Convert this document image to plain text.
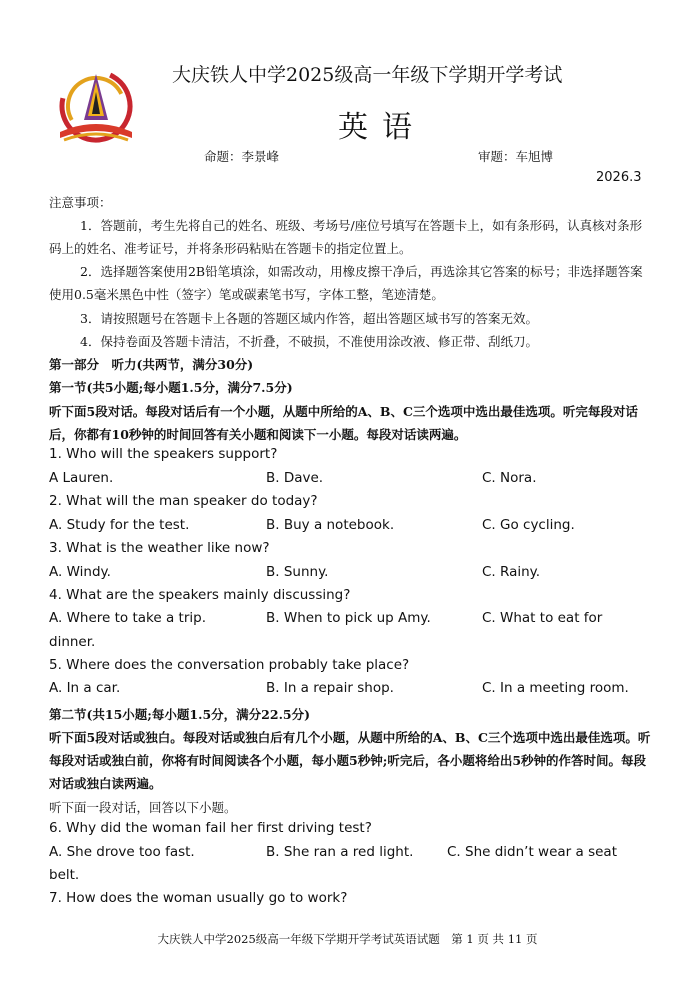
大庆铁人中学2025级高一年级下学期开学考试
英语
命题：李景峰	审题：车旭博
2026.3
注意事项：
1．答题前，考生先将自己的姓名、班级、考场号/座位号填写在答题卡上，如有条形码，认真核对条形码上的姓名、准考证号，并将条形码粘贴在答题卡的指定位置上。
2．选择题答案使用2B铅笔填涂，如需改动，用橡皮擦干净后，再选涂其它答案的标号；非选择题答案使用0.5毫米黑色中性（签字）笔或碳素笔书写，字体工整，笔迹清楚。
3．请按照题号在答题卡上各题的答题区域内作答，超出答题区域书写的答案无效。
4．保持卷面及答题卡清洁，不折叠，不破损，不准使用涂改液、修正带、刮纸刀。
第一部分　听力(共两节，满分30分)
第一节(共5小题;每小题1.5分，满分7.5分)
听下面5段对话。每段对话后有一个小题，从题中所给的A、B、C三个选项中选出最佳选项。听完每段对话后，你都有10秒钟的时间回答有关小题和阅读下一小题。每段对话读两遍。
1. Who will the speakers support?
A Lauren.	B. Dave.	C. Nora.
2. What will the man speaker do today?
A. Study for the test.	B. Buy a notebook.	C. Go cycling.
3. What is the weather like now?
A. Windy.	B. Sunny.	C. Rainy.
4. What are the speakers mainly discussing?
A. Where to take a trip.	B. When to pick up Amy.	C. What to eat for
dinner.
5. Where does the conversation probably take place?
A. In a car.	B. In a repair shop.	C. In a meeting room.
第二节(共15小题;每小题1.5分，满分22.5分)
听下面5段对话或独白。每段对话或独白后有几个小题，从题中所给的A、B、C三个选项中选出最佳选项。听每段对话或独白前，你将有时间阅读各个小题，每小题5秒钟;听完后，各小题将给出5秒钟的作答时间。每段对话或独白读两遍。
听下面一段对话，回答以下小题。
6. Why did the woman fail her first driving test?
A. She drove too fast.	B. She ran a red light. C. She didn’t wear a seat
belt.
7. How does the woman usually go to work?
大庆铁人中学2025级高一年级下学期开学考试英语试题　第 1 页 共 11 页
